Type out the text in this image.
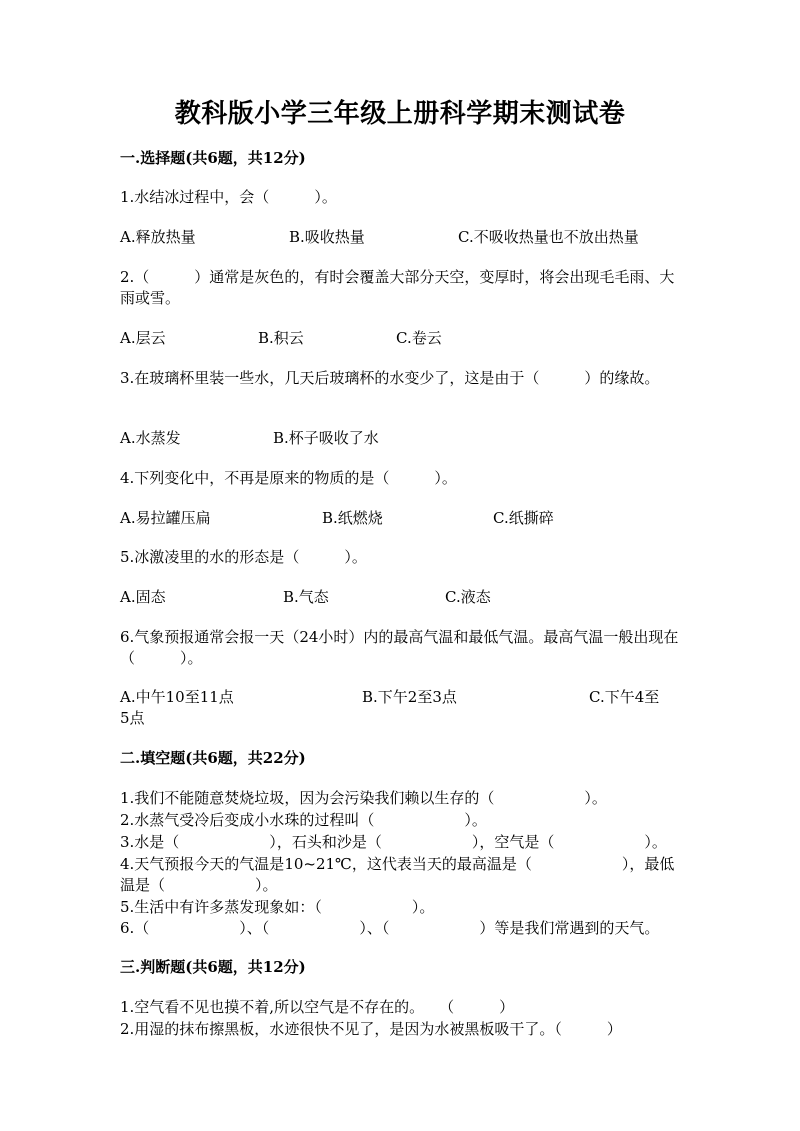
教科版小学三年级上册科学期末测试卷
一.选择题(共6题，共12分)
1.水结冰过程中，会（　　　）。
A.释放热量	B.吸收热量	C.不吸收热量也不放出热量
2.（　　　）通常是灰色的，有时会覆盖大部分天空，变厚时，将会出现毛毛雨、大雨或雪。
A.层云	B.积云	C.卷云
3.在玻璃杯里装一些水，几天后玻璃杯的水变少了，这是由于（　　　）的缘故。
A.水蒸发	B.杯子吸收了水
4.下列变化中，不再是原来的物质的是（　　　）。
A.易拉罐压扁	B.纸燃烧	C.纸撕碎
5.冰激凌里的水的形态是（　　　）。
A.固态	B.气态	C.液态
6.气象预报通常会报一天（24小时）内的最高气温和最低气温。最高气温一般出现在（　　　）。
A.中午10至11点	B.下午2至3点	C.下午4至
5点
二.填空题(共6题，共22分)
1.我们不能随意焚烧垃圾，因为会污染我们赖以生存的（　　　　　　）。
2.水蒸气受冷后变成小水珠的过程叫（　　　　　　）。
3.水是（　　　　　　），石头和沙是（　　　　　　），空气是（　　　　　　）。
4.天气预报今天的气温是10~21℃，这代表当天的最高温是（　　　　　　），最低温是（　　　　　　）。
5.生活中有许多蒸发现象如：（　　　　　　）。
6.（　　　　　　）、（　　　　　　）、（　　　　　　）等是我们常遇到的天气。
三.判断题(共6题，共12分)
1.空气看不见也摸不着,所以空气是不存在的。　　（　　　）
2.用湿的抹布擦黑板，水迹很快不见了，是因为水被黑板吸干了。（　　　）
